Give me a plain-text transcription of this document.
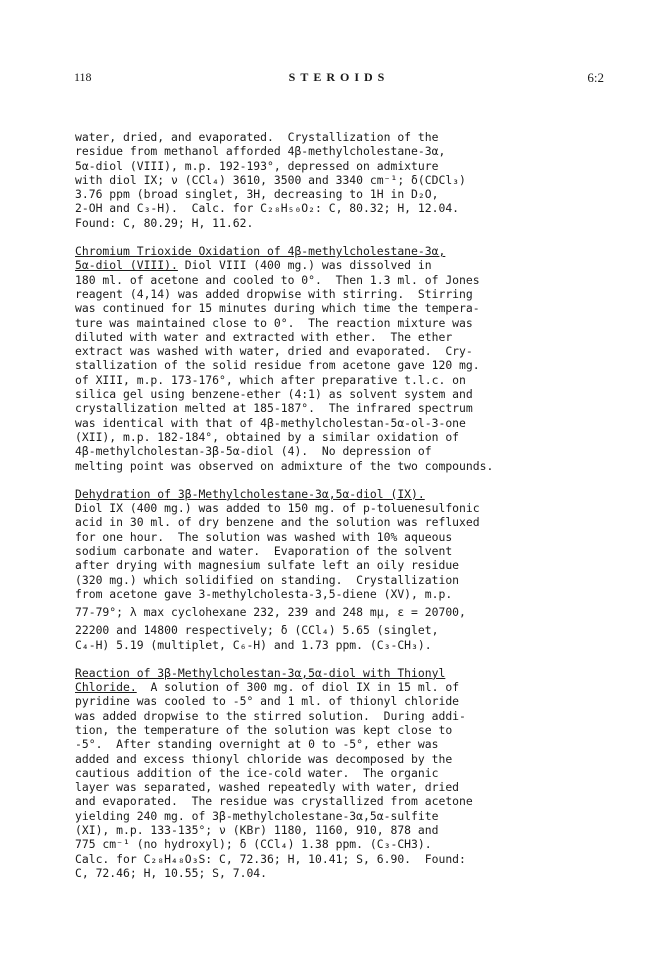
118	STEROIDS	6:2
water, dried, and evaporated.  Crystallization of the
residue from methanol afforded 4β-methylcholestane-3α,
5α-diol (VIII), m.p. 192-193°, depressed on admixture
with diol IX; ν (CCl₄) 3610, 3500 and 3340 cm⁻¹; δ(CDCl₃)
3.76 ppm (broad singlet, 3H, decreasing to 1H in D₂O,
2-OH and C₃-H).  Calc. for C₂₈H₅₀O₂: C, 80.32; H, 12.04.
Found: C, 80.29; H, 11.62.
Chromium Trioxide Oxidation of 4β-methylcholestane-3α,
5α-diol (VIII). Diol VIII (400 mg.) was dissolved in
180 ml. of acetone and cooled to 0°.  Then 1.3 ml. of Jones
reagent (4,14) was added dropwise with stirring.  Stirring
was continued for 15 minutes during which time the tempera-
ture was maintained close to 0°.  The reaction mixture was
diluted with water and extracted with ether.  The ether
extract was washed with water, dried and evaporated.  Cry-
stallization of the solid residue from acetone gave 120 mg.
of XIII, m.p. 173-176°, which after preparative t.l.c. on
silica gel using benzene-ether (4:1) as solvent system and
crystallization melted at 185-187°.  The infrared spectrum
was identical with that of 4β-methylcholestan-5α-ol-3-one
(XII), m.p. 182-184°, obtained by a similar oxidation of
4β-methylcholestan-3β-5α-diol (4).  No depression of
melting point was observed on admixture of the two compounds.
Dehydration of 3β-Methylcholestane-3α,5α-diol (IX).
Diol IX (400 mg.) was added to 150 mg. of p-toluenesulfonic
acid in 30 ml. of dry benzene and the solution was refluxed
for one hour.  The solution was washed with 10% aqueous
sodium carbonate and water.  Evaporation of the solvent
after drying with magnesium sulfate left an oily residue
(320 mg.) which solidified on standing.  Crystallization
from acetone gave 3-methylcholesta-3,5-diene (XV), m.p.
77-79°; λ max cyclohexane 232, 239 and 248 mμ, ε = 20700,
22200 and 14800 respectively; δ (CCl₄) 5.65 (singlet,
C₄-H) 5.19 (multiplet, C₆-H) and 1.73 ppm. (C₃-CH₃).
Reaction of 3β-Methylcholestan-3α,5α-diol with Thionyl
Chloride.  A solution of 300 mg. of diol IX in 15 ml. of
pyridine was cooled to -5° and 1 ml. of thionyl chloride
was added dropwise to the stirred solution.  During addi-
tion, the temperature of the solution was kept close to
-5°.  After standing overnight at 0 to -5°, ether was
added and excess thionyl chloride was decomposed by the
cautious addition of the ice-cold water.  The organic
layer was separated, washed repeatedly with water, dried
and evaporated.  The residue was crystallized from acetone
yielding 240 mg. of 3β-methylcholestane-3α,5α-sulfite
(XI), m.p. 133-135°; ν (KBr) 1180, 1160, 910, 878 and
775 cm⁻¹ (no hydroxyl); δ (CCl₄) 1.38 ppm. (C₃-CH3).
Calc. for C₂₈H₄₈O₃S: C, 72.36; H, 10.41; S, 6.90.  Found:
C, 72.46; H, 10.55; S, 7.04.
